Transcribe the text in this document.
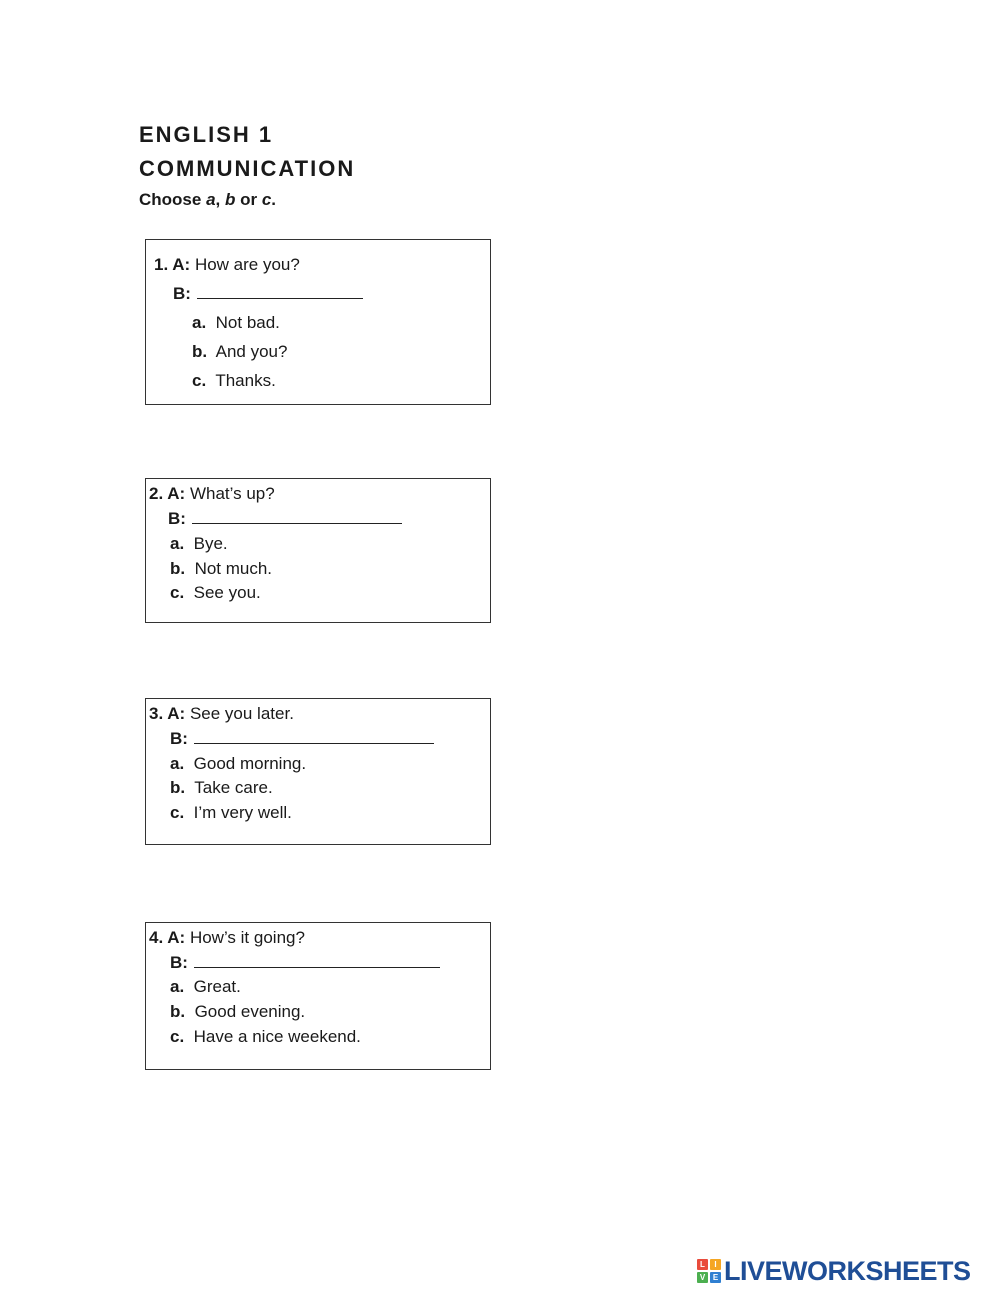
ENGLISH 1
COMMUNICATION

Choose a, b or c.

1. A: How are you?
B:
a. Not bad.
b. And you?
c. Thanks.
2. A: What’s up?
B:
a. Bye.
b. Not much.
c. See you.
3. A: See you later.
B:
a. Good morning.
b. Take care.
c. I’m very well.
4. A: How’s it going?
B:
a. Great.
b. Good evening.
c. Have a nice weekend.
L	I
V E LIVEWORKSHEETS
